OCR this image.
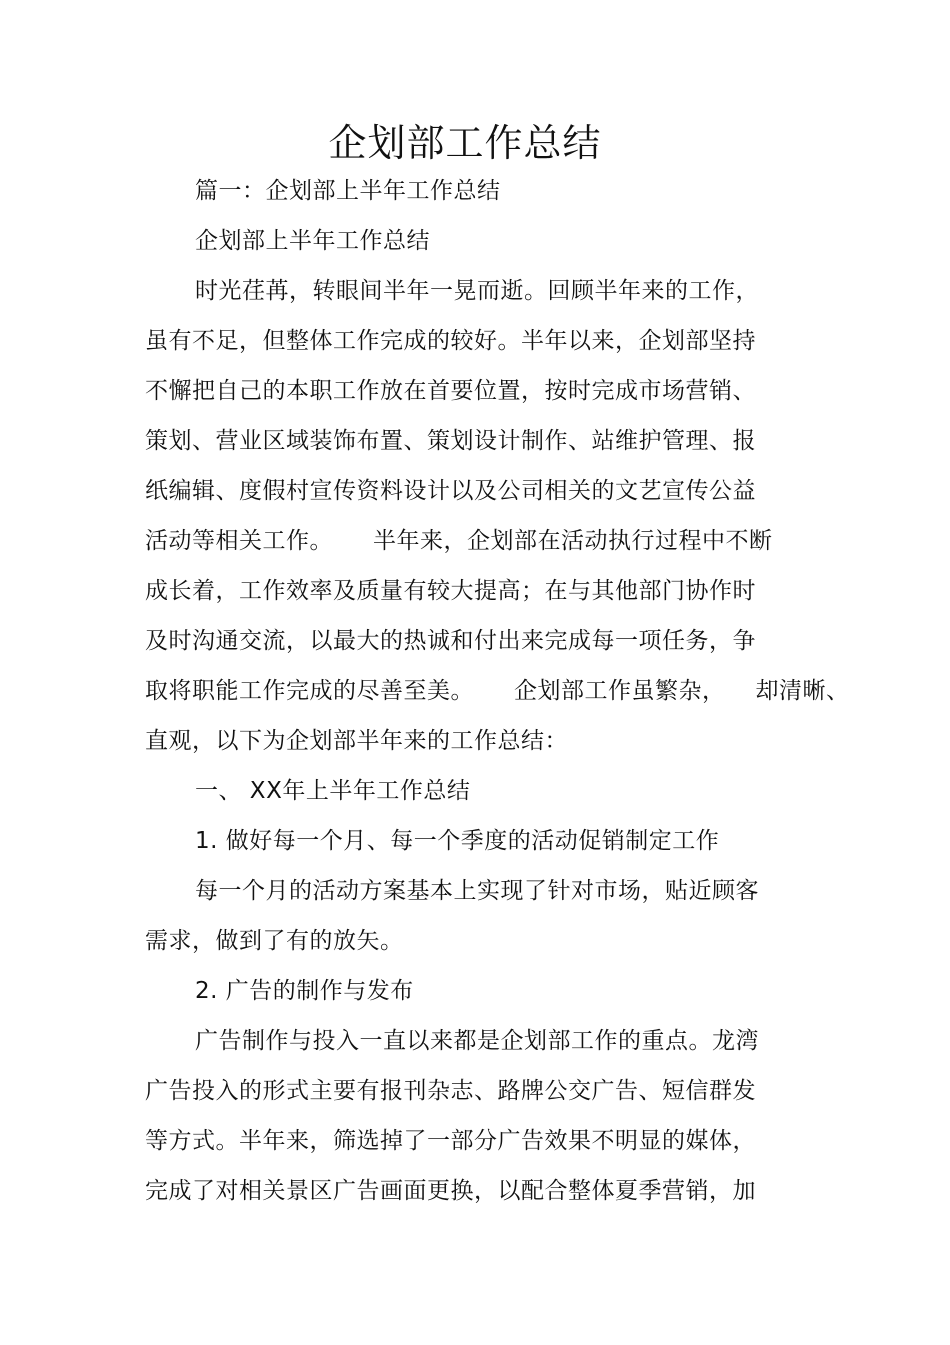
企划部工作总结
篇一：企划部上半年工作总结
企划部上半年工作总结
时光荏苒，转眼间半年一晃而逝。回顾半年来的工作，
虽有不足，但整体工作完成的较好。半年以来，企划部坚持
不懈把自己的本职工作放在首要位置，按时完成市场营销、
策划、营业区域装饰布置、策划设计制作、站维护管理、报
纸编辑、度假村宣传资料设计以及公司相关的文艺宣传公益
活动等相关工作。 半年来，企划部在活动执行过程中不断
成长着，工作效率及质量有较大提高；在与其他部门协作时
及时沟通交流，以最大的热诚和付出来完成每一项任务，争
取将职能工作完成的尽善至美。 企划部工作虽繁杂， 却清晰、
直观，以下为企划部半年来的工作总结：
一、 XX年上半年工作总结
1. 做好每一个月、每一个季度的活动促销制定工作
每一个月的活动方案基本上实现了针对市场，贴近顾客
需求，做到了有的放矢。
2. 广告的制作与发布
广告制作与投入一直以来都是企划部工作的重点。龙湾
广告投入的形式主要有报刊杂志、路牌公交广告、短信群发
等方式。半年来，筛选掉了一部分广告效果不明显的媒体，
完成了对相关景区广告画面更换，以配合整体夏季营销，加
